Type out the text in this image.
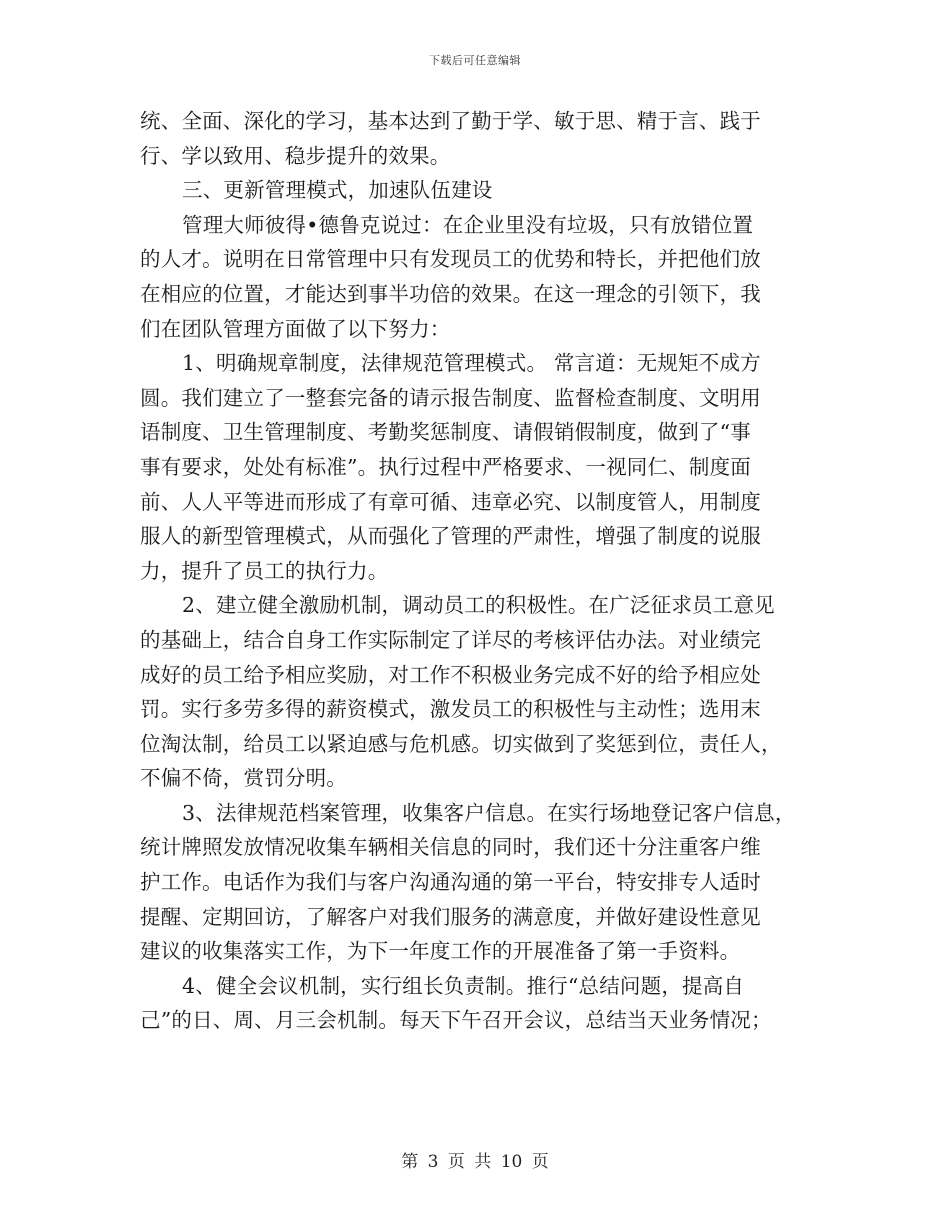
下载后可任意编辑
统、全面、深化的学习，基本达到了勤于学、敏于思、精于言、践于
行、学以致用、稳步提升的效果。
三、更新管理模式，加速队伍建设
管理大师彼得•德鲁克说过：在企业里没有垃圾，只有放错位置
的人才。说明在日常管理中只有发现员工的优势和特长，并把他们放
在相应的位置，才能达到事半功倍的效果。在这一理念的引领下，我
们在团队管理方面做了以下努力：
1、明确规章制度，法律规范管理模式。 常言道：无规矩不成方
圆。我们建立了一整套完备的请示报告制度、监督检查制度、文明用
语制度、卫生管理制度、考勤奖惩制度、请假销假制度，做到了“事
事有要求，处处有标准”。执行过程中严格要求、一视同仁、制度面
前、人人平等进而形成了有章可循、违章必究、以制度管人，用制度
服人的新型管理模式，从而强化了管理的严肃性，增强了制度的说服
力，提升了员工的执行力。
2、建立健全激励机制，调动员工的积极性。在广泛征求员工意见
的基础上，结合自身工作实际制定了详尽的考核评估办法。对业绩完
成好的员工给予相应奖励，对工作不积极业务完成不好的给予相应处
罚。实行多劳多得的薪资模式，激发员工的积极性与主动性；选用末
位淘汰制，给员工以紧迫感与危机感。切实做到了奖惩到位，责任人，
不偏不倚，赏罚分明。
3、法律规范档案管理，收集客户信息。在实行场地登记客户信息，
统计牌照发放情况收集车辆相关信息的同时，我们还十分注重客户维
护工作。电话作为我们与客户沟通沟通的第一平台，特安排专人适时
提醒、定期回访，了解客户对我们服务的满意度，并做好建设性意见
建议的收集落实工作，为下一年度工作的开展准备了第一手资料。
4、健全会议机制，实行组长负责制。推行“总结问题，提高自
己”的日、周、月三会机制。每天下午召开会议，总结当天业务情况；
第 3 页 共 10 页
